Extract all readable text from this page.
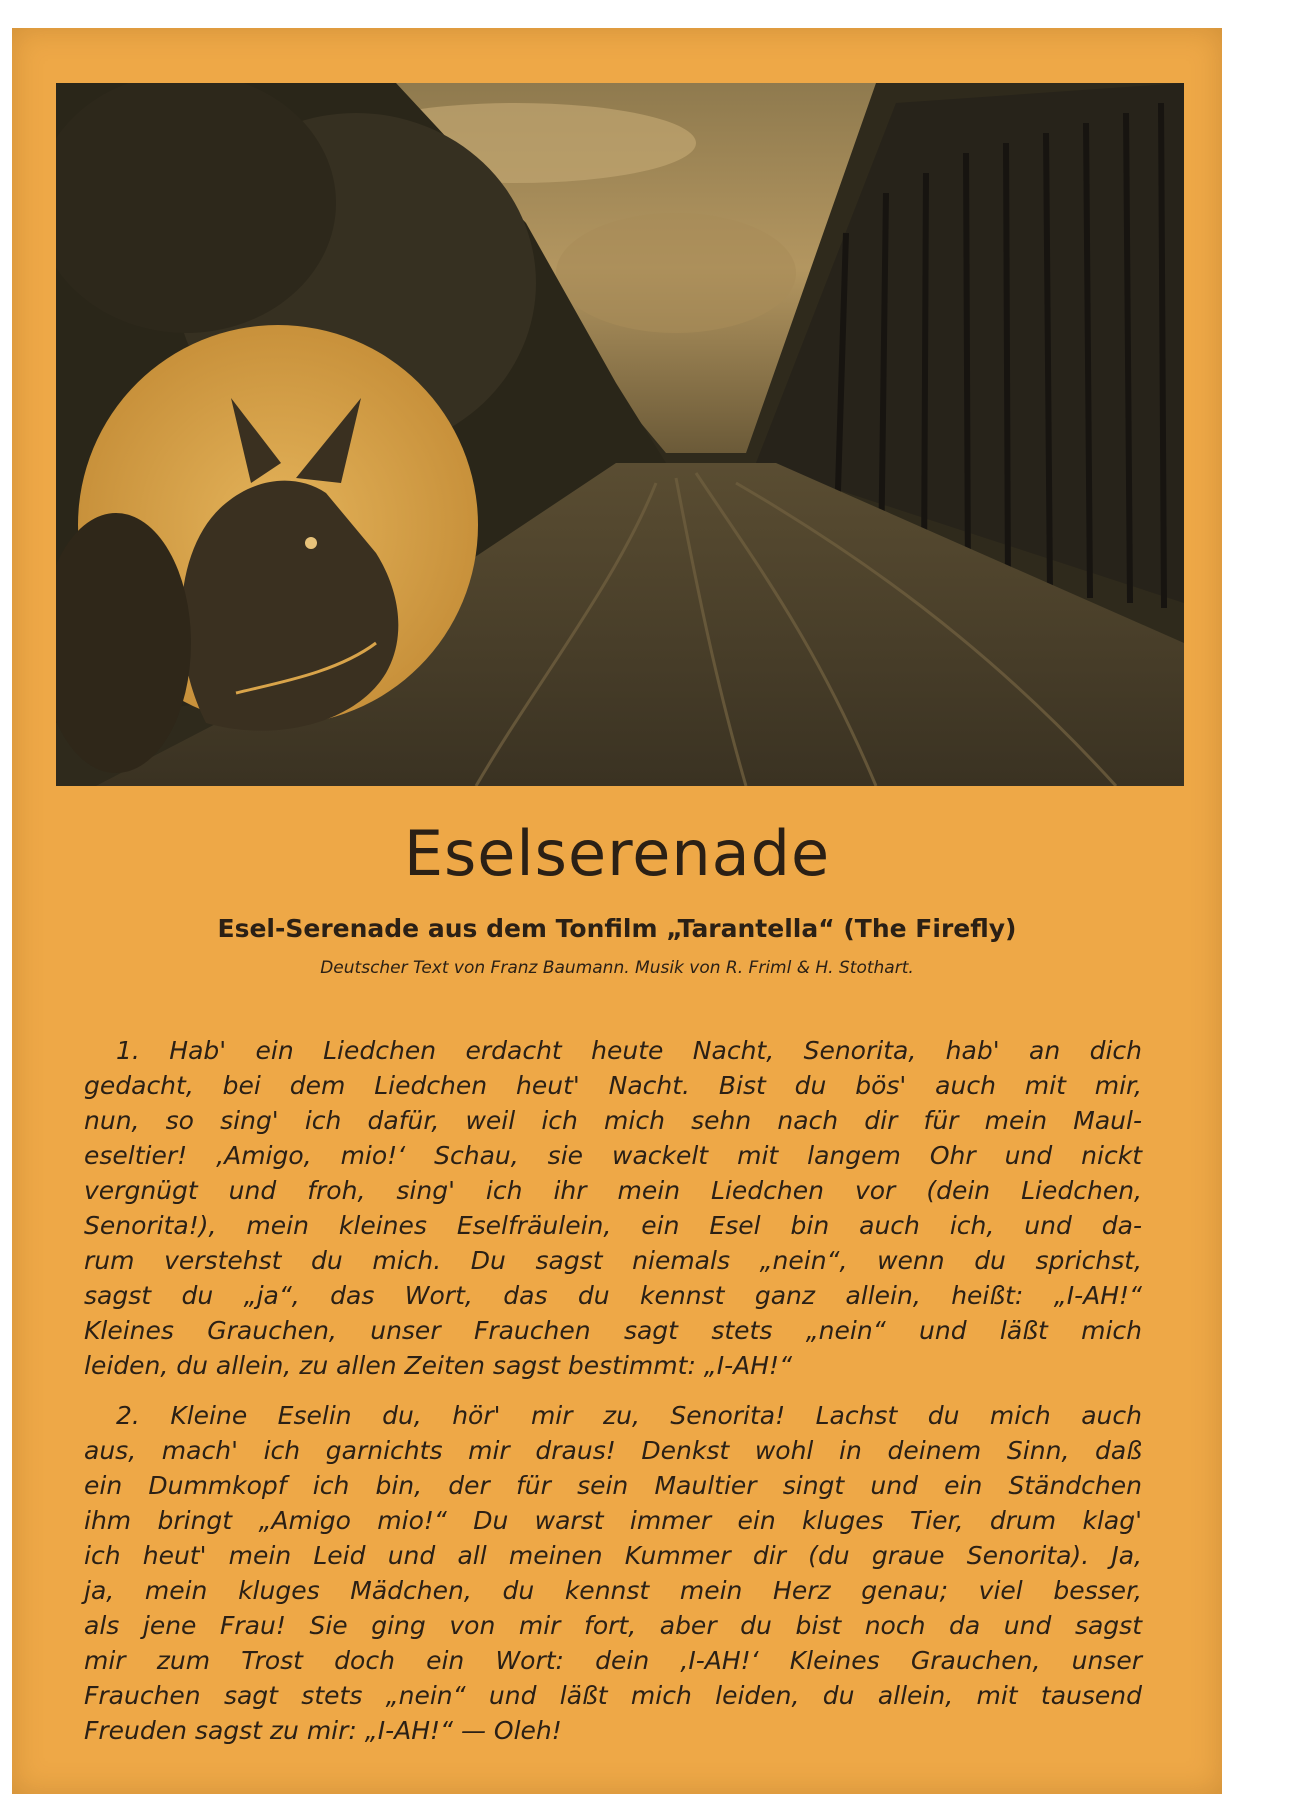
Eselserenade
Esel-Serenade aus dem Tonfilm „Tarantella“ (The Firefly)
Deutscher Text von Franz Baumann. Musik von R. Friml & H. Stothart.
1. Hab' ein Liedchen erdacht heute Nacht, Senorita, hab' an dich
gedacht, bei dem Liedchen heut' Nacht. Bist du bös' auch mit mir,
nun, so sing' ich dafür, weil ich mich sehn nach dir für mein Maul-
eseltier! ‚Amigo, mio!‘ Schau, sie wackelt mit langem Ohr und nickt
vergnügt und froh, sing' ich ihr mein Liedchen vor (dein Liedchen,
Senorita!), mein kleines Eselfräulein, ein Esel bin auch ich, und da-
rum verstehst du mich. Du sagst niemals „nein“, wenn du sprichst,
sagst du „ja“, das Wort, das du kennst ganz allein, heißt: „I-AH!“
Kleines Grauchen, unser Frauchen sagt stets „nein“ und läßt mich
leiden, du allein, zu allen Zeiten sagst bestimmt: „I-AH!“
2. Kleine Eselin du, hör' mir zu, Senorita! Lachst du mich auch
aus, mach' ich garnichts mir draus! Denkst wohl in deinem Sinn, daß
ein Dummkopf ich bin, der für sein Maultier singt und ein Ständchen
ihm bringt „Amigo mio!“ Du warst immer ein kluges Tier, drum klag'
ich heut' mein Leid und all meinen Kummer dir (du graue Senorita). Ja,
ja, mein kluges Mädchen, du kennst mein Herz genau; viel besser,
als jene Frau! Sie ging von mir fort, aber du bist noch da und sagst
mir zum Trost doch ein Wort: dein ‚I-AH!‘ Kleines Grauchen, unser
Frauchen sagt stets „nein“ und läßt mich leiden, du allein, mit tausend
Freuden sagst zu mir: „I-AH!“ — Oleh!
